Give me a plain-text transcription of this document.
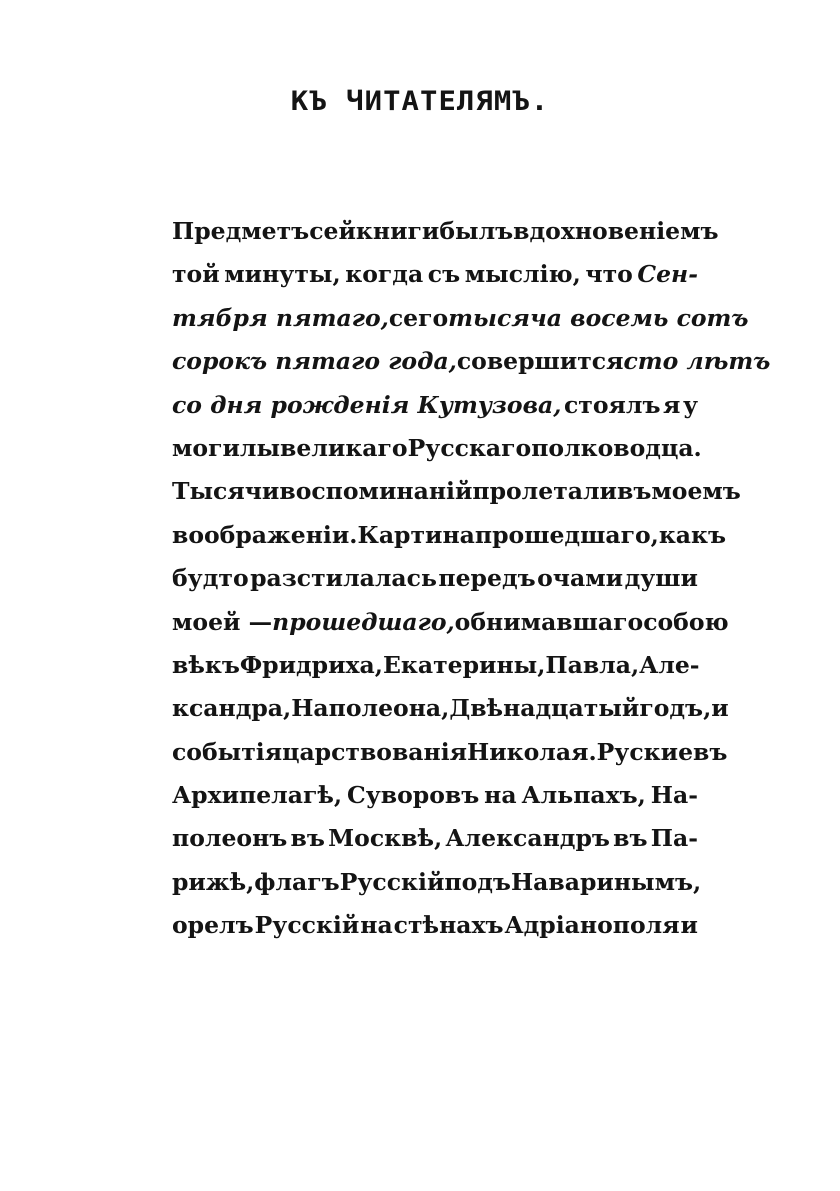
КЪ ЧИТАТЕЛЯМЪ.
Предметъ сей книги былъ вдохновеніемъ
той минуты, когда съ мыслію, что Сен-
тября пятаго, сего тысяча восемь сотъ
сорокъ пятаго года, совершится сто лѣтъ
со дня рожденія Кутузова, стоялъ я у
могилы великаго Русскаго полководца.
Тысячи воспоминаній пролетали въ моемъ
воображеніи. Картина прошедшаго, какъ
будто разстилалась передъ очами души
моей — прошедшаго, обнимавшаго собою
вѣкъ Фридриха, Екатерины, Павла, Але-
ксандра, Наполеона, Двѣнадцатый годъ, и
событія царствованія Николая. Руские въ
Архипелагѣ, Суворовъ на Альпахъ, На-
полеонъ въ Москвѣ, Александръ въ Па-
рижѣ, флагъ Русскій подъ Наваринымъ,
орелъ Русскій на стѣнахъ Адріанополя и
